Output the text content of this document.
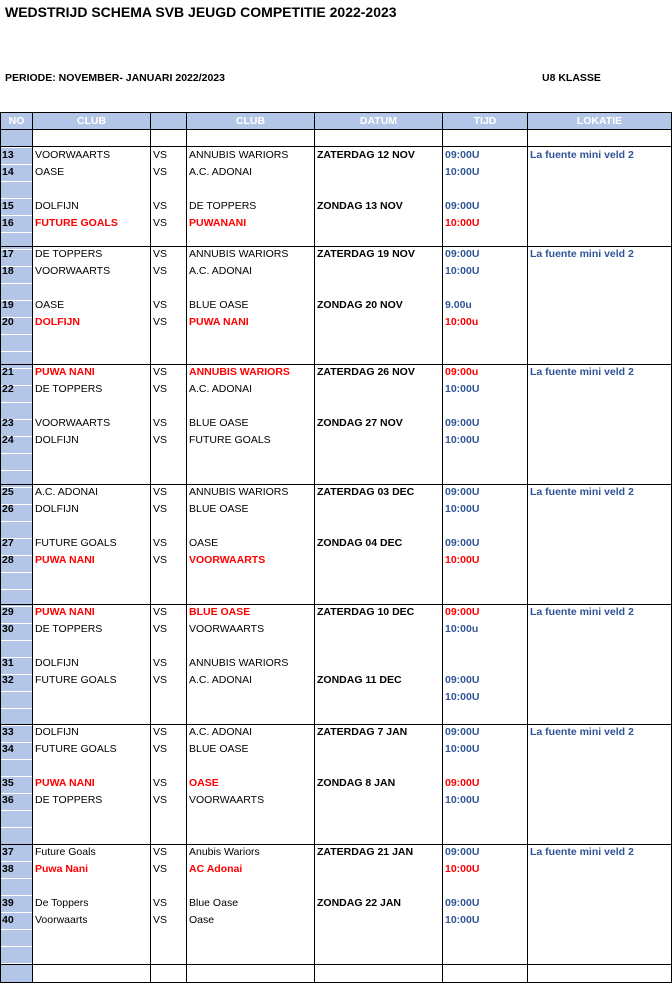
WEDSTRIJD SCHEMA SVB JEUGD COMPETITIE 2022-2023
PERIODE: NOVEMBER- JANUARI 2022/2023	U8 KLASSE
NO	CLUB	CLUB	DATUM	TIJD	LOKATIE
13 VOORWAARTS	VS ANNUBIS WARIORS	ZATERDAG 12 NOV	09:00U	La fuente mini veld 2
14 OASE	VS A.C. ADONAI	10:00U
15 DOLFIJN	VS DE TOPPERS	ZONDAG 13 NOV	09:00U
16 FUTURE GOALS	VS PUWANANI	10:00U
17 DE TOPPERS	VS ANNUBIS WARIORS	ZATERDAG 19 NOV	09:00U	La fuente mini veld 2
18 VOORWAARTS	VS A.C. ADONAI	10:00U
19 OASE	VS BLUE OASE	ZONDAG 20 NOV	9.00u
20 DOLFIJN	VS PUWA NANI	10:00u
21 PUWA NANI	VS ANNUBIS WARIORS	ZATERDAG 26 NOV	09:00u	La fuente mini veld 2
22 DE TOPPERS	VS A.C. ADONAI	10:00U
23 VOORWAARTS	VS BLUE OASE	ZONDAG 27 NOV	09:00U
24 DOLFIJN	VS FUTURE GOALS	10:00U
25 A.C. ADONAI	VS ANNUBIS WARIORS	ZATERDAG 03 DEC	09:00U	La fuente mini veld 2
26 DOLFIJN	VS BLUE OASE	10:00U
27 FUTURE GOALS	VS OASE	ZONDAG 04 DEC	09:00U
28 PUWA NANI	VS VOORWAARTS	10:00U
29 PUWA NANI	VS BLUE OASE	ZATERDAG 10 DEC	09:00U	La fuente mini veld 2
30 DE TOPPERS	VS VOORWAARTS	10:00u
31 DOLFIJN	VS ANNUBIS WARIORS
32 FUTURE GOALS	VS A.C. ADONAI	ZONDAG 11 DEC	09:00U
10:00U
33 DOLFIJN	VS A.C. ADONAI	ZATERDAG 7 JAN	09:00U	La fuente mini veld 2
34 FUTURE GOALS	VS BLUE OASE	10:00U
35 PUWA NANI	VS OASE	ZONDAG 8 JAN	09:00U
36 DE TOPPERS	VS VOORWAARTS	10:00U
37 Future Goals	VS Anubis Wariors	ZATERDAG 21 JAN	09:00U	La fuente mini veld 2
38 Puwa Nani	VS AC Adonai	10:00U
39 De Toppers	VS Blue Oase	ZONDAG 22 JAN	09:00U
40 Voorwaarts	VS Oase	10:00U
